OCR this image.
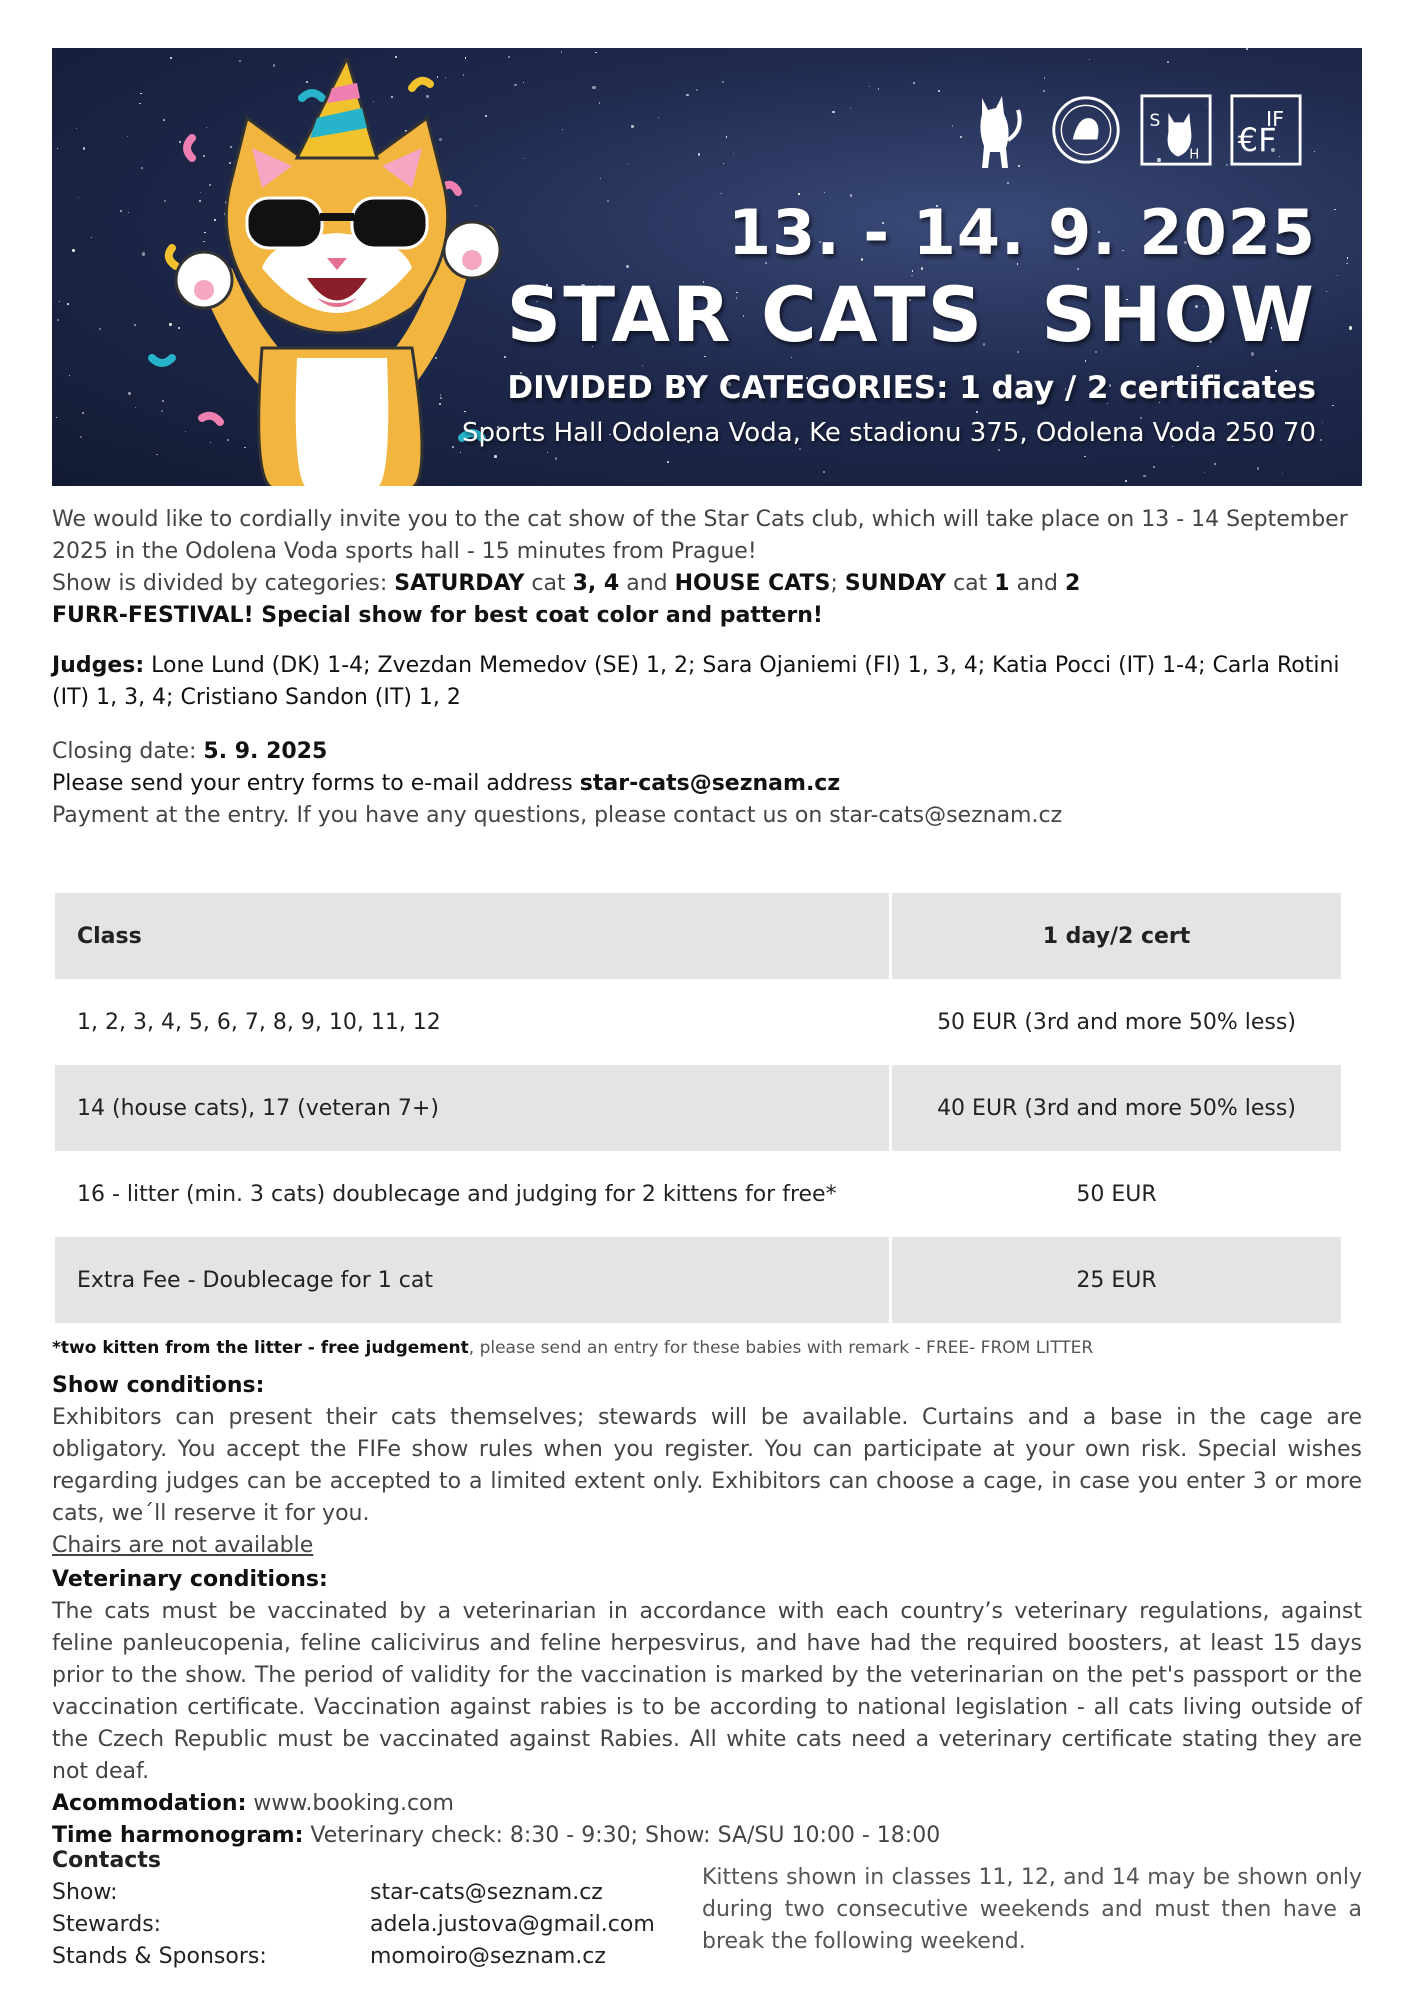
S
H €F
IF
13. - 14. 9. 2025
STAR CATS  SHOW
DIVIDED BY CATEGORIES: 1 day / 2 certificates
Sports Hall Odolena Voda, Ke stadionu 375, Odolena Voda 250 70
We would like to cordially invite you to the cat show of the Star Cats club, which will take place on 13 - 14 September 2025 in the Odolena Voda sports hall - 15 minutes from Prague!
Show is divided by categories: SATURDAY cat 3, 4 and HOUSE CATS; SUNDAY cat 1 and 2
FURR-FESTIVAL! Special show for best coat color and pattern!
Judges: Lone Lund (DK) 1-4; Zvezdan Memedov (SE) 1, 2; Sara Ojaniemi (FI) 1, 3, 4; Katia Pocci (IT) 1-4; Carla Rotini (IT) 1, 3, 4; Cristiano Sandon (IT) 1, 2
Closing date: 5. 9. 2025
Please send your entry forms to e-mail address star-cats@seznam.cz
Payment at the entry. If you have any questions, please contact us on star-cats@seznam.cz
Class	1 day/2 cert
1, 2, 3, 4, 5, 6, 7, 8, 9, 10, 11, 12	50 EUR (3rd and more 50% less)
14 (house cats), 17 (veteran 7+)	40 EUR (3rd and more 50% less)
16 - litter (min. 3 cats) doublecage and judging for 2 kittens for free*	50 EUR
Extra Fee - Doublecage for 1 cat	25 EUR
*two kitten from the litter - free judgement, please send an entry for these babies with remark - FREE- FROM LITTER
Show conditions:
Exhibitors can present their cats themselves; stewards will be available. Curtains and a base in the cage are obligatory. You accept the FIFe show rules when you register. You can participate at your own risk. Special wishes regarding judges can be accepted to a limited extent only. Exhibitors can choose a cage, in case you enter 3 or more cats, we´ll reserve it for you.
Chairs are not available
Veterinary conditions:
The cats must be vaccinated by a veterinarian in accordance with each country’s veterinary regulations, against feline panleucopenia, feline calicivirus and feline herpesvirus, and have had the required boosters, at least 15 days prior to the show. The period of validity for the vaccination is marked by the veterinarian on the pet's passport or the vaccination certificate. Vaccination against rabies is to be according to national legislation - all cats living outside of the Czech Republic must be vaccinated against Rabies. All white cats need a veterinary certificate stating they are not deaf.
Acommodation: www.booking.com
Time harmonogram: Veterinary check: 8:30 - 9:30; Show: SA/SU 10:00 - 18:00
Contacts
Show:	star-cats@seznam.cz
Stewards:	adela.justova@gmail.com
Stands & Sponsors:	momoiro@seznam.cz
Kittens shown in classes 11, 12, and 14 may be shown only during two consecutive weekends and must then have a break the following weekend.
